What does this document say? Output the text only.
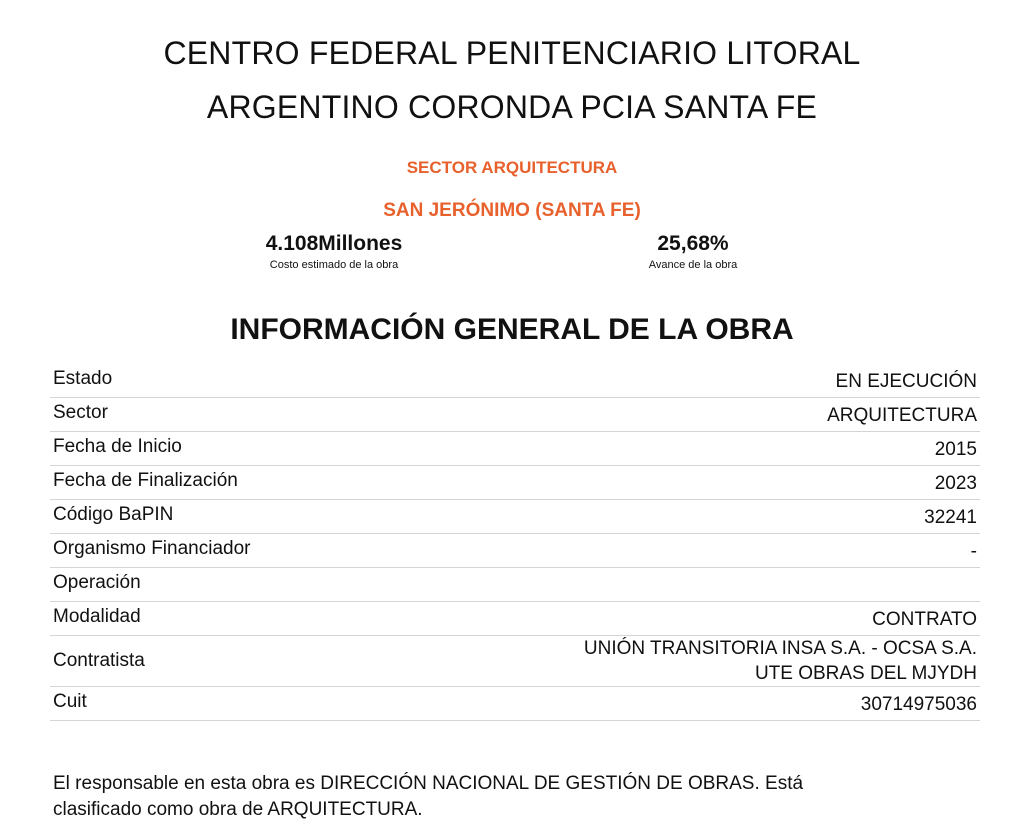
CENTRO FEDERAL PENITENCIARIO LITORAL
ARGENTINO CORONDA PCIA SANTA FE
SECTOR ARQUITECTURA
SAN JERÓNIMO (SANTA FE)
4.108Millones
Costo estimado de la obra
25,68%
Avance de la obra
INFORMACIÓN GENERAL DE LA OBRA
Estado	EN EJECUCIÓN
Sector	ARQUITECTURA
Fecha de Inicio	2015
Fecha de Finalización	2023
Código BaPIN	32241
Organismo Financiador	-
Operación	
Modalidad	CONTRATO
Contratista	UNIÓN TRANSITORIA INSA S.A. - OCSA S.A.
UTE OBRAS DEL MJYDH

Cuit	30714975036
El responsable en esta obra es DIRECCIÓN NACIONAL DE GESTIÓN DE OBRAS. Está
clasificado como obra de ARQUITECTURA.
